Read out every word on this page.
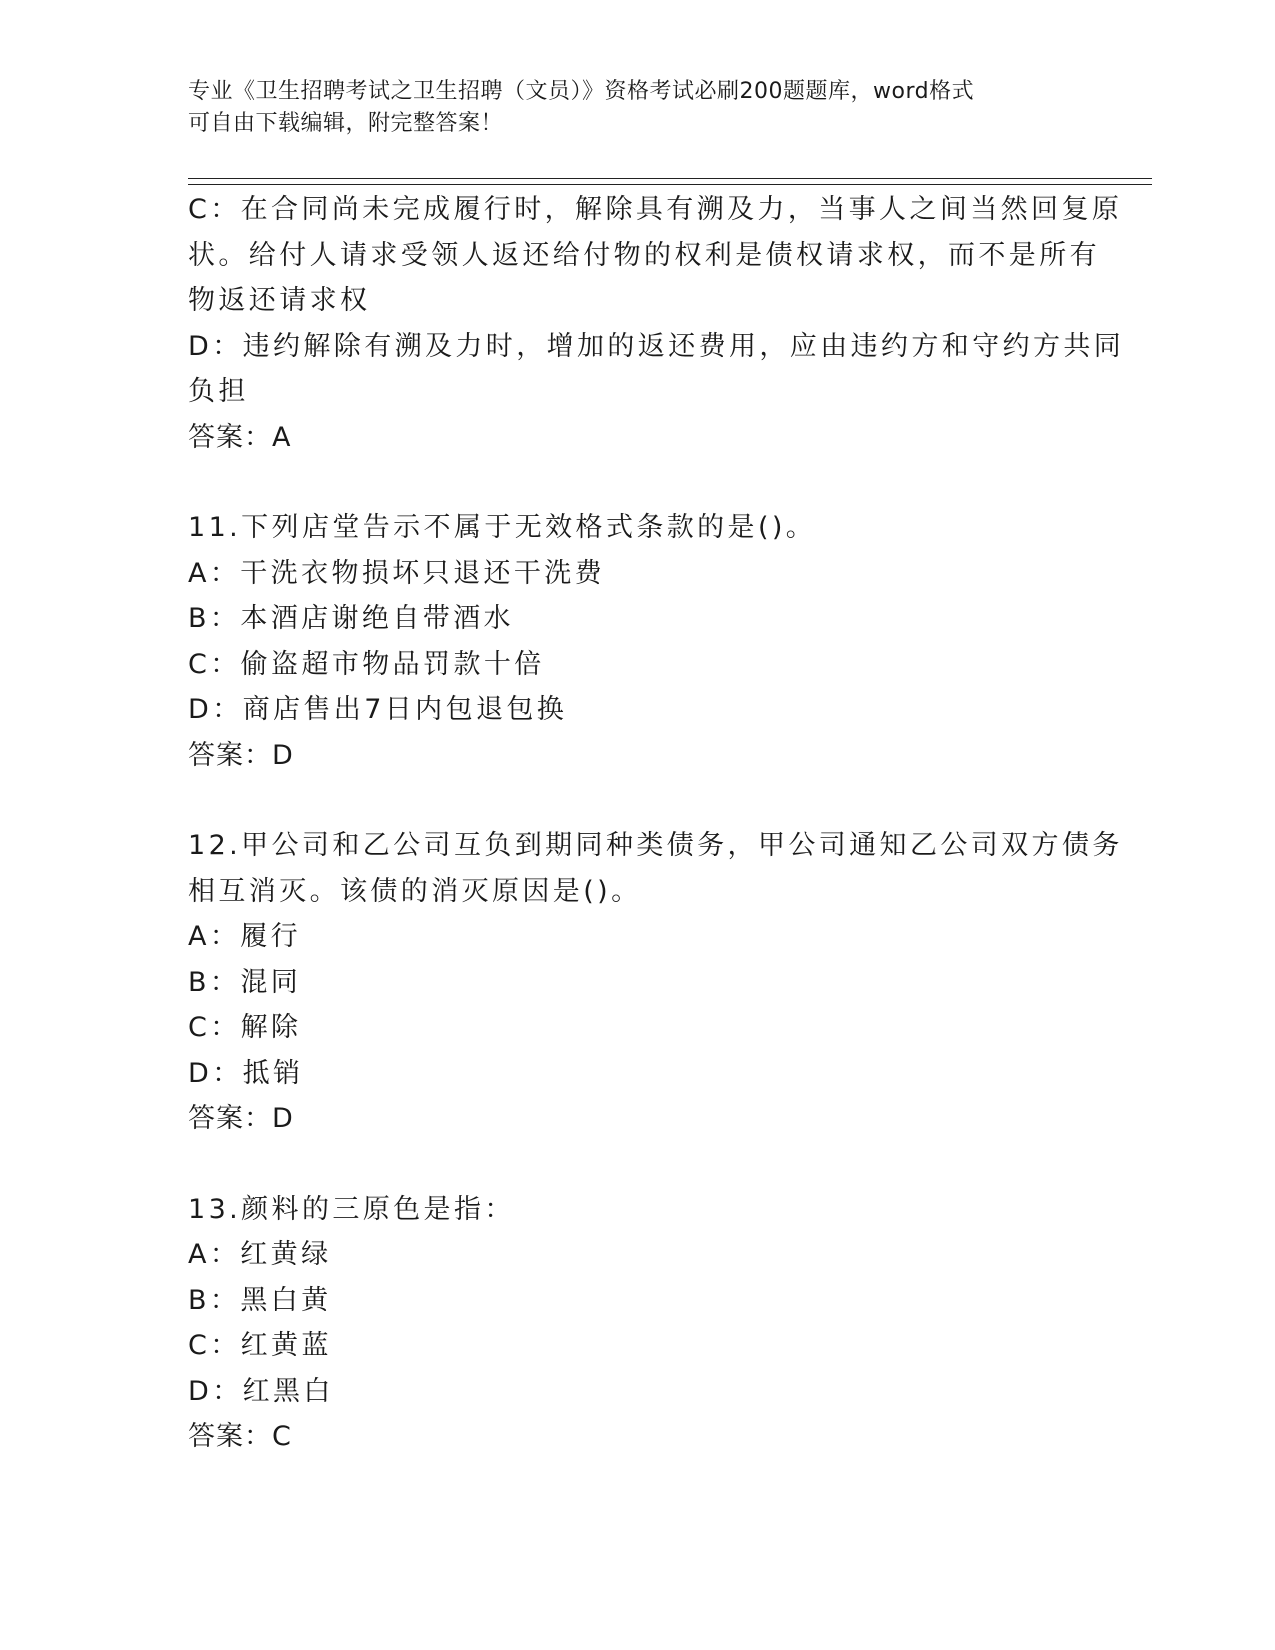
专业《卫生招聘考试之卫生招聘（文员）》资格考试必刷200题题库，word格式
可自由下载编辑，附完整答案！
C：在合同尚未完成履行时，解除具有溯及力，当事人之间当然回复原
状。给付人请求受领人返还给付物的权利是债权请求权，而不是所有
物返还请求权
D：违约解除有溯及力时，增加的返还费用，应由违约方和守约方共同
负担
答案：A
11.下列店堂告示不属于无效格式条款的是()。
A：干洗衣物损坏只退还干洗费
B：本酒店谢绝自带酒水
C：偷盗超市物品罚款十倍
D：商店售出7日内包退包换
答案：D
12.甲公司和乙公司互负到期同种类债务，甲公司通知乙公司双方债务
相互消灭。该债的消灭原因是()。
A：履行
B：混同
C：解除
D：抵销
答案：D
13.颜料的三原色是指：
A：红黄绿
B：黑白黄
C：红黄蓝
D：红黑白
答案：C
